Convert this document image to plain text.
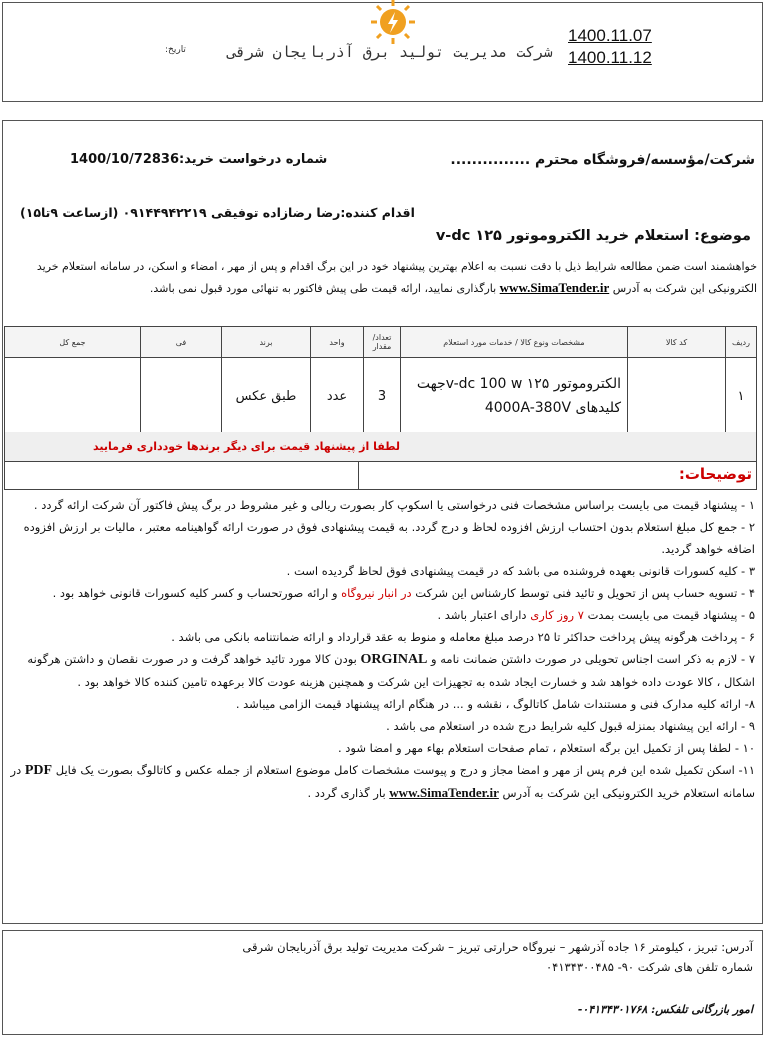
شرکت مدیریت تولید برق آذربایجان شرقی
تاریخ:
1400.11.07
1400.11.12
شرکت/مؤسسه/فروشگاه محترم ...............
شماره درخواست خرید:1400/10/72836
اقدام کننده:رضا رضازاده توفیقی ۰۹۱۴۴۹۴۲۲۱۹ (ازساعت ۹تا۱۵)
موضوع: استعلام خرید الکتروموتور ۱۲۵ v-dc
خواهشمند است ضمن مطالعه شرایط ذیل با دقت نسبت به اعلام بهترین پیشنهاد خود در این برگ اقدام و پس از مهر ، امضاء و اسکن، در سامانه استعلام خرید الکترونیکی این شرکت به آدرس www.SimaTender.ir بارگذاری نمایید، ارائه قیمت طی پیش فاکتور به تنهائی مورد قبول نمی باشد.
ردیف	کد کالا	مشخصات ونوع کالا / خدمات مورد استعلام	تعداد/مقدار	واحد	برند	فی	جمع کل
۱		الکتروموتور ۱۲۵ v-dc 100 wجهت کلیدهای 4000A-380V	3	عدد	طبق عکس		
لطفا از پیشنهاد قیمت برای دیگر برندها خودداری فرمایید
توضیحات:
۱ - پیشنهاد قیمت می بایست براساس مشخصات فنی درخواستی یا اسکوپ کار بصورت ریالی و غیر مشروط در برگ پیش فاکتور آن شرکت ارائه گردد .
۲ - جمع کل مبلغ استعلام بدون احتساب ارزش افزوده لحاظ و درج گردد. به قیمت پیشنهادی فوق در صورت ارائه گواهینامه معتبر ، مالیات بر ارزش افزوده اضافه خواهد گردید.
۳ - کلیه کسورات قانونی بعهده فروشنده می باشد که در قیمت پیشنهادی فوق لحاظ گردیده است .
۴ - تسویه حساب پس از تحویل و تائید فنی توسط کارشناس این شرکت در انبار نیروگاه و ارائه صورتحساب و کسر کلیه کسورات قانونی خواهد بود .
۵ - پیشنهاد قیمت می بایست بمدت ۷ روز کاری دارای اعتبار باشد .
۶ - پرداخت هرگونه پیش پرداخت حداکثر تا ۲۵ درصد مبلغ معامله و منوط به عقد قرارداد و ارائه ضمانتنامه بانکی می باشد .
۷ - لازم به ذکر است اجناس تحویلی در صورت داشتن ضمانت نامه و ORGINAL بودن کالا مورد تائید خواهد گرفت و در صورت نقصان و داشتن هرگونه اشکال ، کالا عودت داده خواهد شد و خسارت ایجاد شده به تجهیزات این شرکت و همچنین هزینه عودت کالا برعهده تامین کننده کالا خواهد بود .
۸- ارائه کلیه مدارک فنی و مستندات شامل کاتالوگ ، نقشه و ... در هنگام ارائه پیشنهاد قیمت الزامی میباشد .
۹ - ارائه این پیشنهاد بمنزله قبول کلیه شرایط درج شده در استعلام می باشد .
۱۰ - لطفا پس از تکمیل این برگه استعلام ، تمام صفحات استعلام بهاء مهر و امضا شود .
۱۱- اسکن تکمیل شده این فرم پس از مهر و امضا مجاز و درج و پیوست مشخصات کامل موضوع استعلام از جمله عکس و کاتالوگ بصورت یک فایل PDF در سامانه استعلام خرید الکترونیکی این شرکت به آدرس www.SimaTender.ir بار گذاری گردد .
آدرس: تبریز ، کیلومتر ۱۶ جاده آذرشهر – نیروگاه حرارتی تبریز – شرکت مدیریت تولید برق آذربایجان شرقی
شماره تلفن های شرکت ۹۰- ۰۴۱۳۴۳۰۰۴۸۵
امور بازرگانی تلفکس: ۰۴۱۳۴۳۰۱۷۶۸-
